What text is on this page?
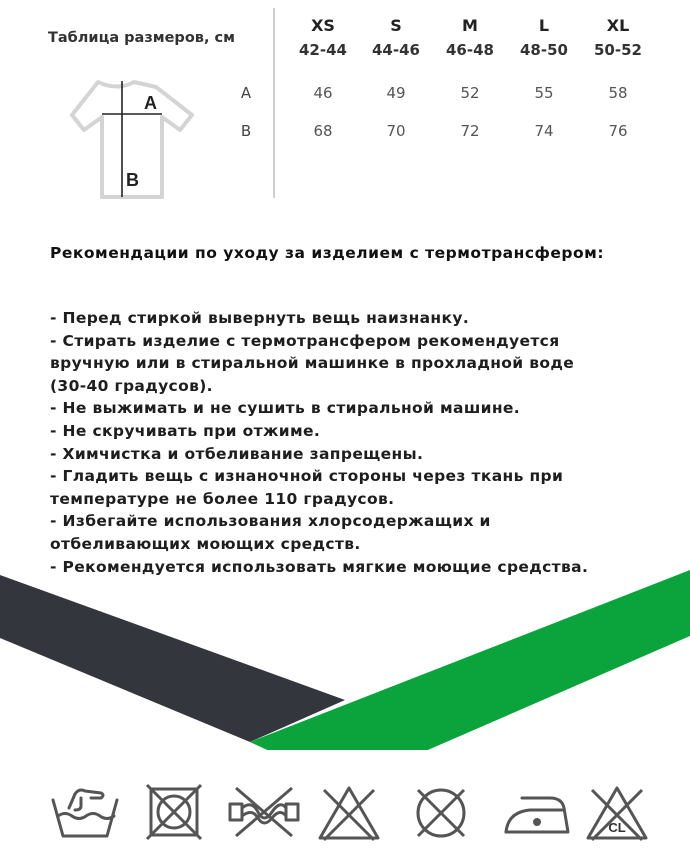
Таблица размеров, см
A
B
A
B
XS
42-44
46
68
S
44-46
49
70
M
46-48
52
72
L
48-50
55
74
XL
50-52
58
76
Рекомендации по уходу за изделием с термотрансфером:
- Перед стиркой вывернуть вещь наизнанку.
- Стирать изделие с термотрансфером рекомендуется
вручную или в стиральной машинке в прохладной воде
(30-40 градусов).
- Не выжимать и не сушить в стиральной машине.
- Не скручивать при отжиме.
- Химчистка и отбеливание запрещены.
- Гладить вещь с изнаночной стороны через ткань при
температуре не более 110 градусов.
- Избегайте использования хлорсодержащих и
отбеливающих моющих средств.
- Рекомендуется использовать мягкие моющие средства.
CL
